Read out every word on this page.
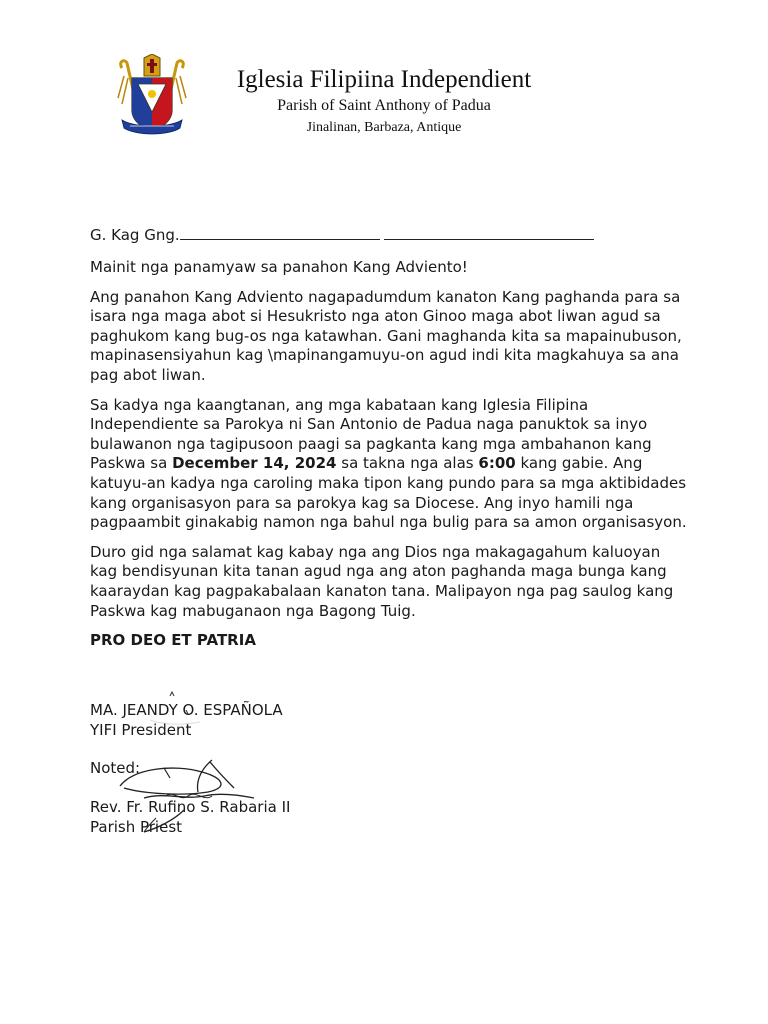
Iglesia Filipiina Independient
Parish of Saint Anthony of Padua
Jinalinan, Barbaza, Antique

G. Kag Gng.

Mainit nga panamyaw sa panahon Kang Adviento!

Ang panahon Kang Adviento nagapadumdum kanaton Kang paghanda para sa isara nga maga abot si Hesukristo nga aton Ginoo maga abot liwan agud sa paghukom kang bug-os nga katawhan. Gani maghanda kita sa mapainubuson, mapinasensiyahun kag \mapinangamuyu-on agud indi kita magkahuya sa ana pag abot liwan.

Sa kadya nga kaangtanan, ang mga kabataan kang Iglesia Filipina Independiente sa Parokya ni San Antonio de Padua naga panuktok sa inyo bulawanon nga tagipusoon paagi sa pagkanta kang mga ambahanon kang Paskwa sa December 14, 2024 sa takna nga alas 6:00 kang gabie. Ang katuyu-an kadya nga caroling maka tipon kang pundo para sa mga aktibidades kang organisasyon para sa parokya kag sa Diocese. Ang inyo hamili nga pagpaambit ginakabig namon nga bahul nga bulig para sa amon organisasyon.

Duro gid nga salamat kag kabay nga ang Dios nga makagagahum kaluoyan kag bendisyunan kita tanan agud nga ang aton paghanda maga bunga kang kaaraydan kag pagpakabalaan kanaton tana. Malipayon nga pag saulog kang Paskwa kag mabuganaon nga Bagong Tuig.

PRO DEO ET PATRIA

MA. JEANDY O. ESPAÑOLA
YIFI President
Noted:
Rev. Fr. Rufino S. Rabaria II
Parish Priest
